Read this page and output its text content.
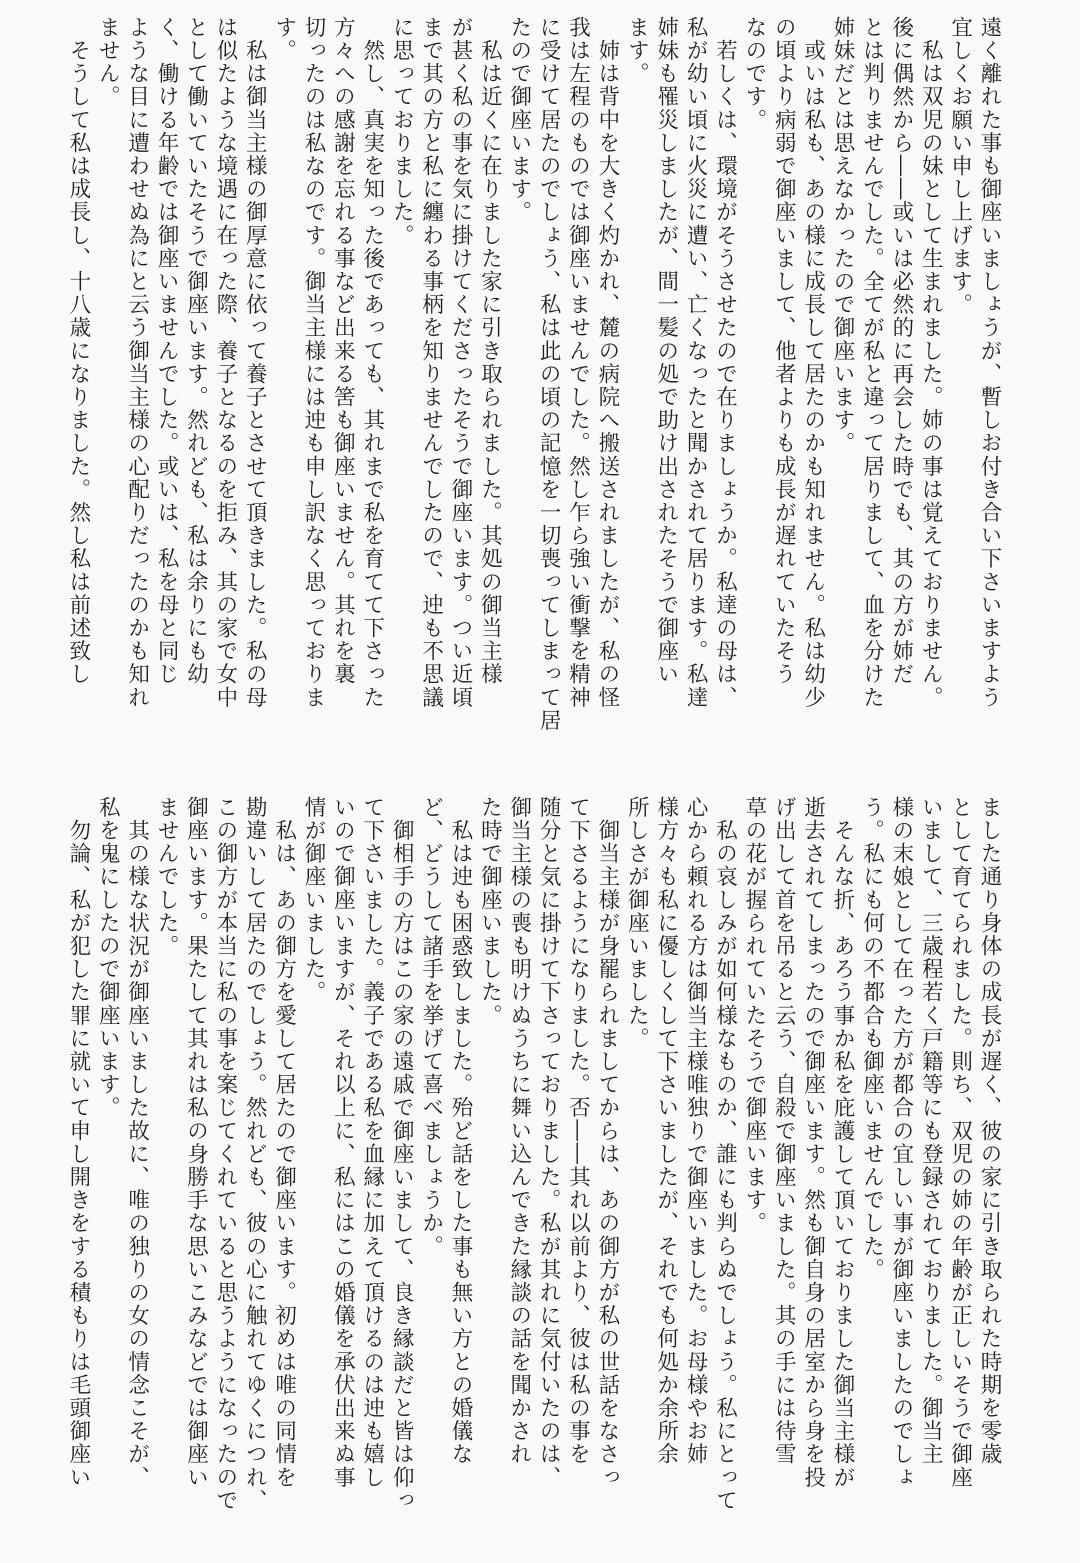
遠く離れた事も御座いましょうが、暫しお付き合い下さいますよう
宜しくお願い申し上げます。
　私は双児の妹として生まれました。姉の事は覚えておりません。
後に偶然から――或いは必然的に再会した時でも、其の方が姉だ
とは判りませんでした。全てが私と違って居りまして、血を分けた
姉妹だとは思えなかったので御座います。
　或いは私も、あの様に成長して居たのかも知れません。私は幼少
の頃より病弱で御座いまして、他者よりも成長が遅れていたそう
なのです。
　若しくは、環境がそうさせたので在りましょうか。私達の母は、
私が幼い頃に火災に遭い、亡くなったと聞かされて居ります。私達
姉妹も罹災しましたが、間一髪の処で助け出されたそうで御座い
ます。
　姉は背中を大きく灼かれ、麓の病院へ搬送されましたが、私の怪
我は左程のものでは御座いませんでした。然し乍ら強い衝撃を精神
に受けて居たのでしょう、私は此の頃の記憶を一切喪ってしまって居
たので御座います。
　私は近くに在りました家に引き取られました。其処の御当主様
が甚く私の事を気に掛けてくださったそうで御座います。つい近頃
まで其の方と私に纏わる事柄を知りませんでしたので、迚も不思議
に思っておりました。
　然し、真実を知った後であっても、其れまで私を育てて下さった
方々への感謝を忘れる事など出来る筈も御座いません。其れを裏
切ったのは私なのです。御当主様には迚も申し訳なく思っておりま
す。
　私は御当主様の御厚意に依って養子とさせて頂きました。私の母
は似たような境遇に在った際、養子となるのを拒み、其の家で女中
として働いていたそうで御座います。然れども、私は余りにも幼
く、働ける年齢では御座いませんでした。或いは、私を母と同じ
ような目に遭わせぬ為にと云う御当主様の心配りだったのかも知れ
ません。
　そうして私は成長し、十八歳になりました。然し私は前述致し
ました通り身体の成長が遅く、彼の家に引き取られた時期を零歳
として育てられました。則ち、双児の姉の年齢が正しいそうで御座
いまして、三歳程若く戸籍等にも登録されておりました。御当主
様の末娘として在った方が都合の宜しい事が御座いましたのでしょ
う。私にも何の不都合も御座いませんでした。
　そんな折、あろう事か私を庇護して頂いておりました御当主様が
逝去されてしまったので御座います。然も御自身の居室から身を投
げ出して首を吊ると云う、自殺で御座いました。其の手には待雪
草の花が握られていたそうで御座います。
　私の哀しみが如何様なものか、誰にも判らぬでしょう。私にとって
心から頼れる方は御当主様唯独りで御座いました。お母様やお姉
様方々も私に優しくして下さいましたが、それでも何処か余所余
所しさが御座いました。
　御当主様が身罷られましてからは、あの御方が私の世話をなさっ
て下さるようになりました。否――其れ以前より、彼は私の事を
随分と気に掛けて下さっておりました。私が其れに気付いたのは、
御当主様の喪も明けぬうちに舞い込んできた縁談の話を聞かされ
た時で御座いました。
　私は迚も困惑致しました。殆ど話をした事も無い方との婚儀な
ど、どうして諸手を挙げて喜べましょうか。
　御相手の方はこの家の遠戚で御座いまして、良き縁談だと皆は仰っ
て下さいました。義子である私を血縁に加えて頂けるのは迚も嬉し
いので御座いますが、それ以上に、私にはこの婚儀を承伏出来ぬ事
情が御座いました。
　私は、あの御方を愛して居たので御座います。初めは唯の同情を
勘違いして居たのでしょう。然れども、彼の心に触れてゆくにつれ、
この御方が本当に私の事を案じてくれていると思うようになったので
御座います。果たして其れは私の身勝手な思いこみなどでは御座い
ませんでした。
　其の様な状況が御座いました故に、唯の独りの女の情念こそが、
私を鬼にしたので御座います。
　勿論、私が犯した罪に就いて申し開きをする積もりは毛頭御座い
